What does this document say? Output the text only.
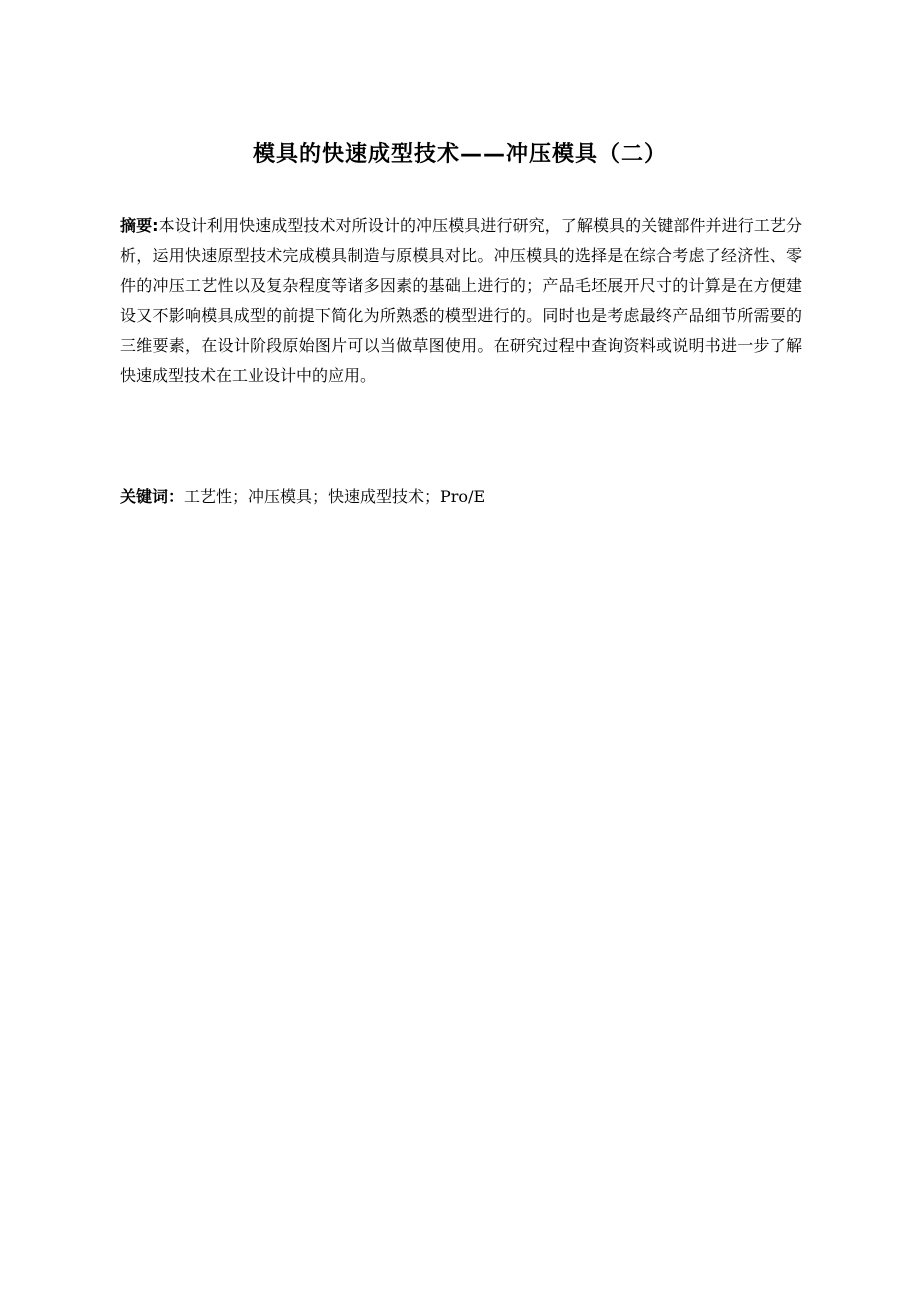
模具的快速成型技术——冲压模具（二）

摘要:本设计利用快速成型技术对所设计的冲压模具进行研究，了解模具的关键部件并进行工艺分析，运用快速原型技术完成模具制造与原模具对比。冲压模具的选择是在综合考虑了经济性、零件的冲压工艺性以及复杂程度等诸多因素的基础上进行的；产品毛坯展开尺寸的计算是在方便建设又不影响模具成型的前提下简化为所熟悉的模型进行的。同时也是考虑最终产品细节所需要的三维要素，在设计阶段原始图片可以当做草图使用。在研究过程中查询资料或说明书进一步了解快速成型技术在工业设计中的应用。

关键词：工艺性；冲压模具；快速成型技术；Pro/E
